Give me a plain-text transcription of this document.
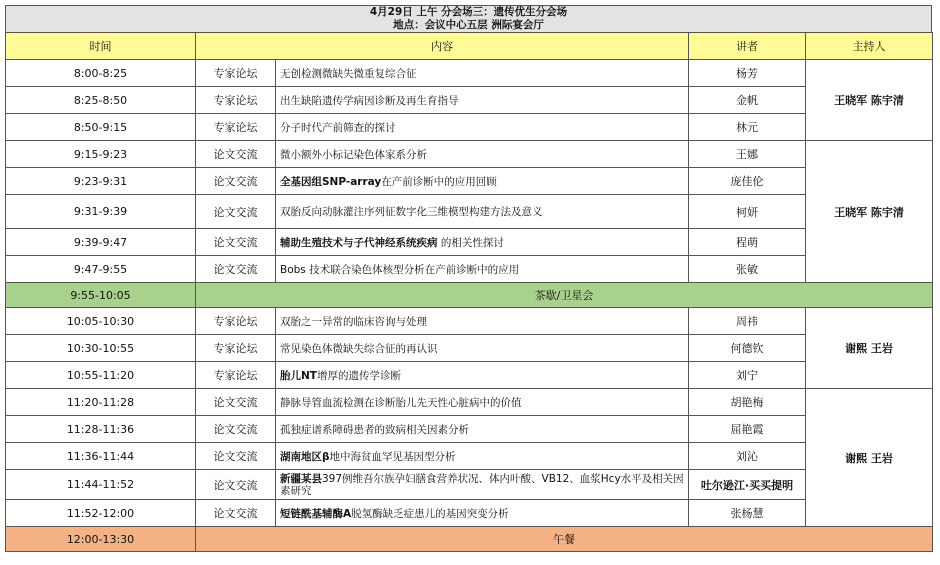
4月29日 上午 分会场三：遗传优生分会场
地点：会议中心五层 洲际宴会厅
时间	内容		讲者	主持人
8:00-8:25	专家论坛	无创检测微缺失微重复综合征	杨芳	王晓军 陈宇清
8:25-8:50	专家论坛	出生缺陷遗传学病因诊断及再生育指导	金帆	
8:50-9:15	专家论坛	分子时代产前筛查的探讨	林元	
9:15-9:23	论文交流	微小额外小标记染色体家系分析	王娜	王晓军 陈宇清
9:23-9:31	论文交流	全基因组SNP-array在产前诊断中的应用回顾	庞佳伦	
9:31-9:39	论文交流	双胎反向动脉灌注序列征数字化三维模型构建方法及意义	柯妍	
9:39-9:47	论文交流	辅助生殖技术与子代神经系统疾病 的相关性探讨	程萌	
9:47-9:55	论文交流	Bobs 技术联合染色体核型分析在产前诊断中的应用	张敏	
9:55-10:05	茶歇/卫星会			
10:05-10:30	专家论坛	双胎之一异常的临床咨询与处理	周祎	谢熙 王岩
10:30-10:55	专家论坛	常见染色体微缺失综合征的再认识	何德钦	
10:55-11:20	专家论坛	胎儿NT增厚的遗传学诊断	刘宁	
11:20-11:28	论文交流	静脉导管血流检测在诊断胎儿先天性心脏病中的价值	胡艳梅	谢熙 王岩
11:28-11:36	论文交流	孤独症谱系障碍患者的致病相关因素分析	屈艳霞	
11:36-11:44	论文交流	湖南地区β地中海贫血罕见基因型分析	刘沁	
11:44-11:52	论文交流	新疆某县397例维吾尔族孕妇膳食营养状况、体内叶酸、VB12、血浆Hcy水平及相关因素研究	吐尔逊江·买买提明	
11:52-12:00	论文交流	短链酰基辅酶A脱氢酶缺乏症患儿的基因突变分析	张杨慧	
12:00-13:30	午餐			
